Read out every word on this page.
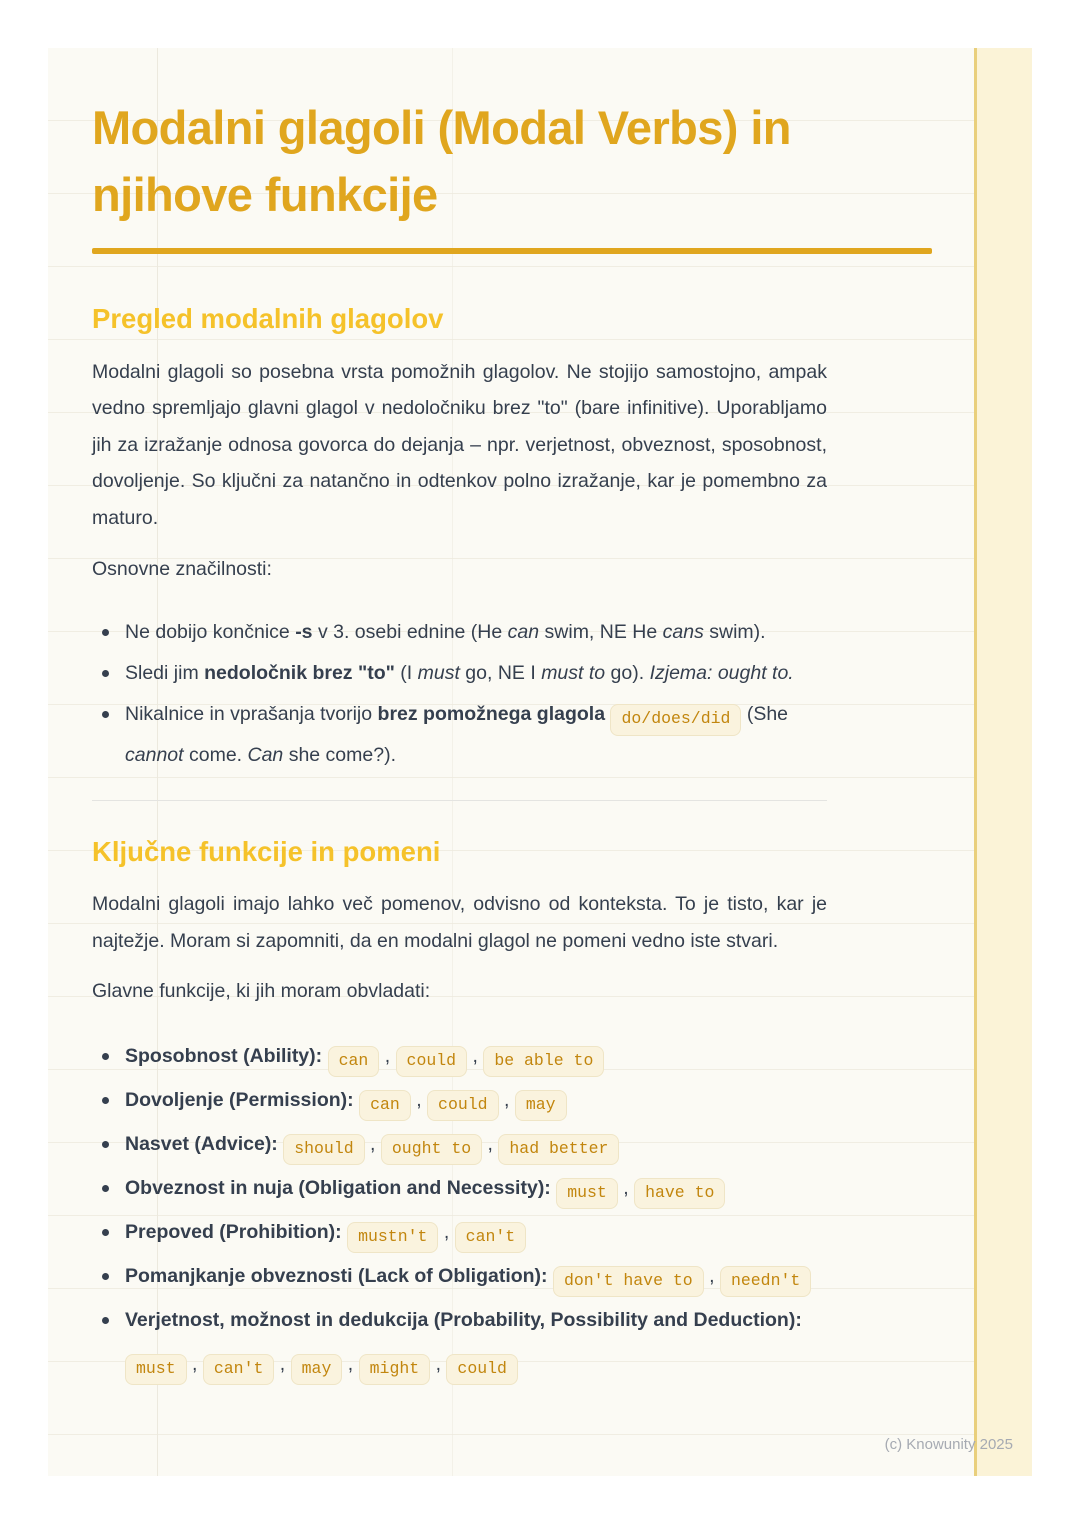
Modalni glagoli (Modal Verbs) in njihove funkcije
Pregled modalnih glagolov

Modalni glagoli so posebna vrsta pomožnih glagolov. Ne stojijo samostojno, ampak vedno spremljajo glavni glagol v nedoločniku brez "to" (bare infinitive). Uporabljamo jih za izražanje odnosa govorca do dejanja – npr. verjetnost, obveznost, sposobnost, dovoljenje. So ključni za natančno in odtenkov polno izražanje, kar je pomembno za maturo.

Osnovne značilnosti:

Ne dobijo končnice -s v 3. osebi ednine (He can swim, NE He cans swim).
Sledi jim nedoločnik brez "to" (I must go, NE I must to go). Izjema: ought to.
Nikalnice in vprašanja tvorijo brez pomožnega glagola do/does/did (She cannot come. Can she come?).
Ključne funkcije in pomeni

Modalni glagoli imajo lahko več pomenov, odvisno od konteksta. To je tisto, kar je najtežje. Moram si zapomniti, da en modalni glagol ne pomeni vedno iste stvari.

Glavne funkcije, ki jih moram obvladati:

Sposobnost (Ability): can , could , be able to
Dovoljenje (Permission): can , could , may
Nasvet (Advice): should , ought to , had better
Obveznost in nuja (Obligation and Necessity): must , have to
Prepoved (Prohibition): mustn't , can't
Pomanjkanje obveznosti (Lack of Obligation): don't have to , needn't
Verjetnost, možnost in dedukcija (Probability, Possibility and Deduction): must , can't , may , might , could
(c) Knowunity 2025
